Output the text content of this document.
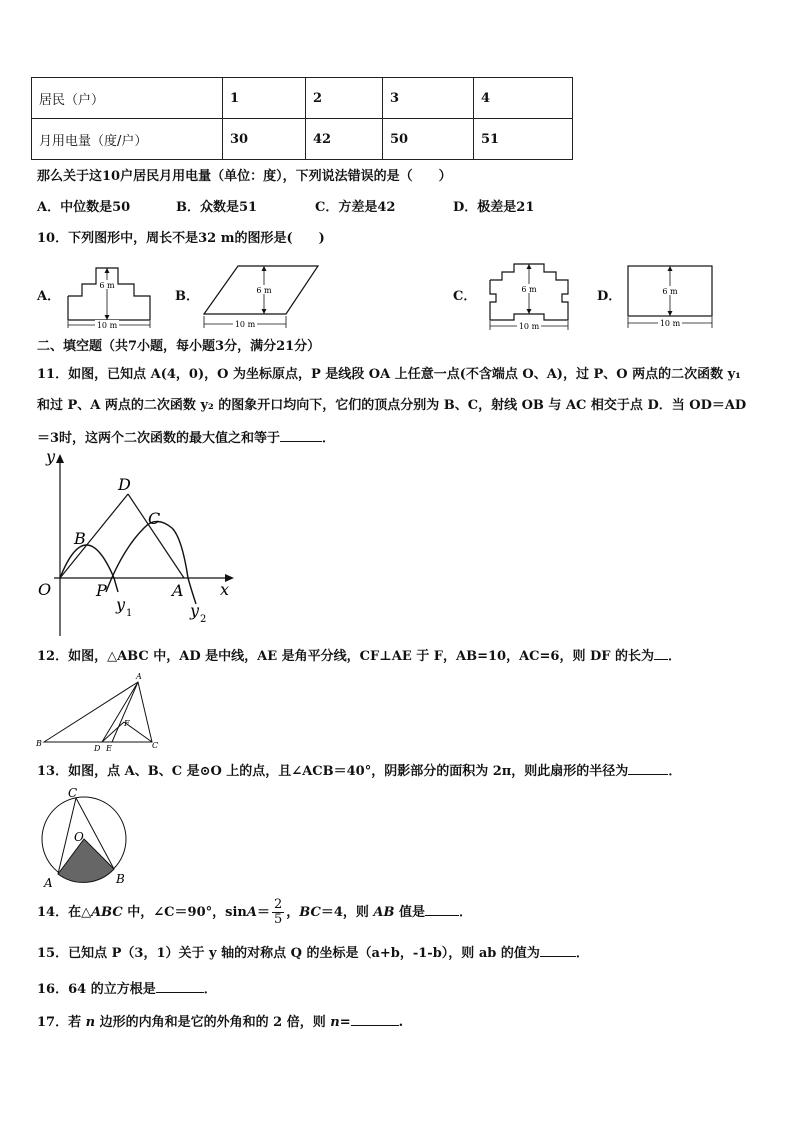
居民（户）	1	2	3	4
月用电量（度/户）	30	42	50	51
那么关于这10户居民月用电量（单位：度），下列说法错误的是（　　）
A．中位数是50	B．众数是51	C．方差是42	D．极差是21
10．下列图形中，周长不是32 m的图形是(　　)
A．
6 m
10 m
B．	6 m
10 m
C．	6 m
10 m
D．	6 m
10 m
二、填空题（共7小题，每小题3分，满分21分）
11．如图，已知点 A(4，0)，O 为坐标原点，P 是线段 OA 上任意一点(不含端点 O、A)，过 P、O 两点的二次函数 y₁
和过 P、A 两点的二次函数 y₂ 的图象开口均向下，它们的顶点分别为 B、C，射线 OB 与 AC 相交于点 D．当 OD＝AD
＝3时，这两个二次函数的最大值之和等于	．
y
x
O	P	A
B
C
D
y 1	y 2
12．如图，△ABC 中，AD 是中线，AE 是角平分线，CF⊥AE 于 F，AB=10，AC=6，则 DF 的长为 ．
A
B	C
D E
F
13．如图，点 A、B、C 是⊙O 上的点，且∠ACB＝40°，阴影部分的面积为 2π，则此扇形的半径为	．
C
O
A	B
14．在△ABC 中，∠C＝90°，$\sin A= \frac{2}{5}$ ，BC＝4，则 AB 值是	．
15．已知点 P（3，1）关于 y 轴的对称点 Q 的坐标是（a+b，-1-b），则 ab 的值为	．
16．64 的立方根是	．
17．若 n 边形的内角和是它的外角和的 2 倍，则 n=	.
